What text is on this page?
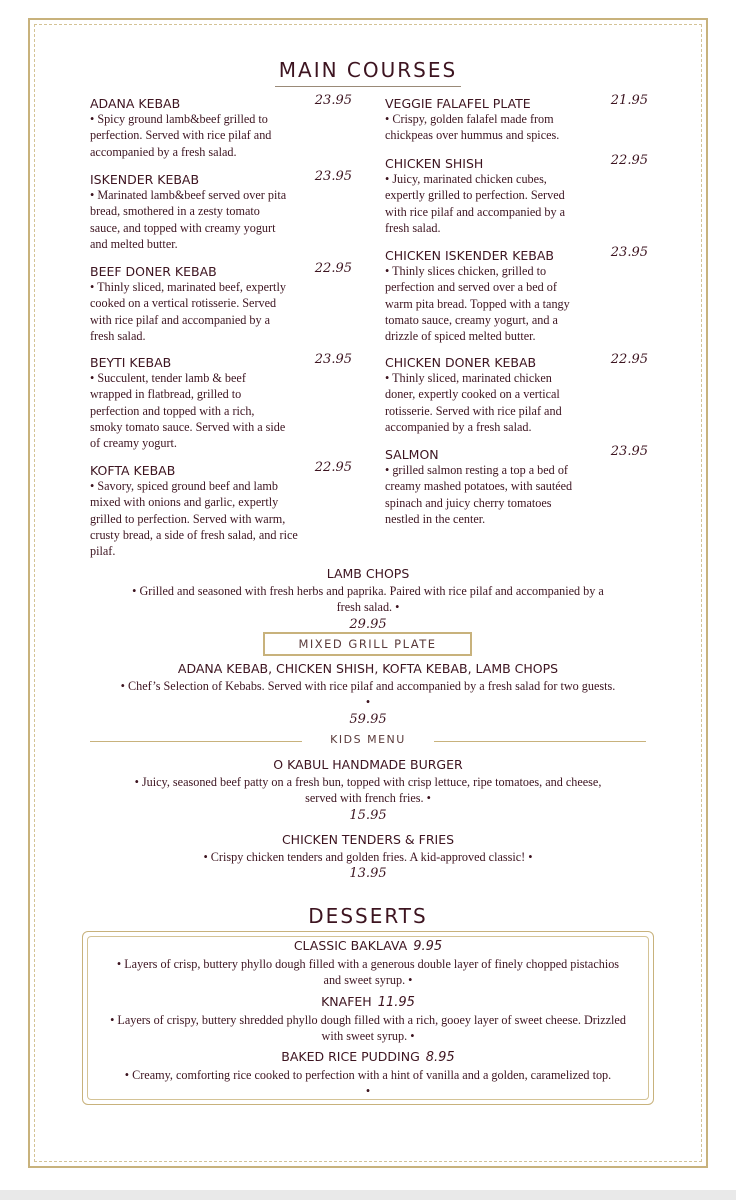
MAIN COURSES
ADANA KEBAB	23.95
• Spicy ground lamb&beef grilled to perfection. Served with rice pilaf and accompanied by a fresh salad.
ISKENDER KEBAB	23.95
• Marinated lamb&beef served over pita bread, smothered in a zesty tomato sauce, and topped with creamy yogurt and melted butter.
BEEF DONER KEBAB	22.95
• Thinly sliced, marinated beef, expertly cooked on a vertical rotisserie. Served with rice pilaf and accompanied by a fresh salad.
BEYTI KEBAB	23.95
• Succulent, tender lamb & beef wrapped in flatbread, grilled to perfection and topped with a rich, smoky tomato sauce. Served with a side of creamy yogurt.
KOFTA KEBAB	22.95
• Savory, spiced ground beef and lamb mixed with onions and garlic, expertly grilled to perfection. Served with warm, crusty bread, a side of fresh salad, and rice pilaf.
VEGGIE FALAFEL PLATE	21.95
• Crispy, golden falafel made from chickpeas over hummus and spices.
CHICKEN SHISH	22.95
• Juicy, marinated chicken cubes, expertly grilled to perfection. Served with rice pilaf and accompanied by a fresh salad.
CHICKEN ISKENDER KEBAB	23.95
• Thinly slices chicken, grilled to perfection and served over a bed of warm pita bread. Topped with a tangy tomato sauce, creamy yogurt, and a drizzle of spiced melted butter.
CHICKEN DONER KEBAB	22.95
• Thinly sliced, marinated chicken doner, expertly cooked on a vertical rotisserie. Served with rice pilaf and accompanied by a fresh salad.
SALMON	23.95
• grilled salmon resting a top a bed of creamy mashed potatoes, with sautéed spinach and juicy cherry tomatoes nestled in the center.
LAMB CHOPS
• Grilled and seasoned with fresh herbs and paprika. Paired with rice pilaf and accompanied by a fresh salad. •
29.95
MIXED GRILL PLATE
ADANA KEBAB, CHICKEN SHISH, KOFTA KEBAB, LAMB CHOPS
• Chef’s Selection of Kebabs. Served with rice pilaf and accompanied by a fresh salad for two guests.
•
59.95
KIDS MENU
O KABUL HANDMADE BURGER
• Juicy, seasoned beef patty on a fresh bun, topped with crisp lettuce, ripe tomatoes, and cheese, served with french fries. •
15.95
CHICKEN TENDERS & FRIES
• Crispy chicken tenders and golden fries. A kid-approved classic! •
13.95
DESSERTS
CLASSIC BAKLAVA 9.95
• Layers of crisp, buttery phyllo dough filled with a generous double layer of finely chopped pistachios and sweet syrup. •
KNAFEH 11.95
• Layers of crispy, buttery shredded phyllo dough filled with a rich, gooey layer of sweet cheese. Drizzled with sweet syrup. •
BAKED RICE PUDDING 8.95
• Creamy, comforting rice cooked to perfection with a hint of vanilla and a golden, caramelized top.
•
